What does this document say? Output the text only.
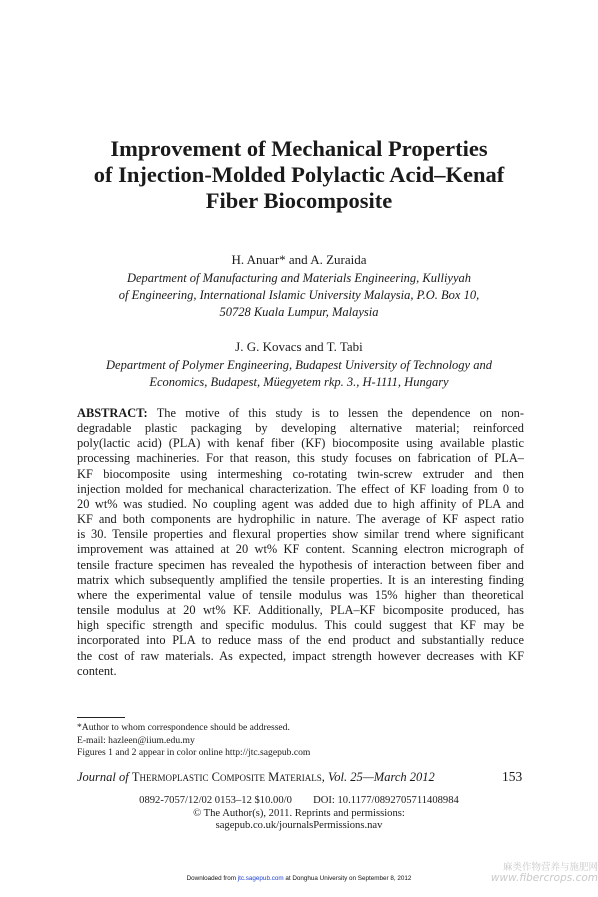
Improvement of Mechanical Properties
of Injection-Molded Polylactic Acid–Kenaf
Fiber Biocomposite
H. Anuar* and A. Zuraida
Department of Manufacturing and Materials Engineering, Kulliyyah
of Engineering, International Islamic University Malaysia, P.O. Box 10,
50728 Kuala Lumpur, Malaysia
J. G. Kovacs and T. Tabi
Department of Polymer Engineering, Budapest University of Technology and
Economics, Budapest, Müegyetem rkp. 3., H-1111, Hungary
ABSTRACT: The motive of this study is to lessen the dependence on non-
degradable plastic packaging by developing alternative material; reinforced
poly(lactic acid) (PLA) with kenaf fiber (KF) biocomposite using available plastic
processing machineries. For that reason, this study focuses on fabrication of PLA–
KF biocomposite using intermeshing co-rotating twin-screw extruder and then
injection molded for mechanical characterization. The effect of KF loading from 0 to
20 wt% was studied. No coupling agent was added due to high affinity of PLA and
KF and both components are hydrophilic in nature. The average of KF aspect ratio
is 30. Tensile properties and flexural properties show similar trend where significant
improvement was attained at 20 wt% KF content. Scanning electron micrograph of
tensile fracture specimen has revealed the hypothesis of interaction between fiber and
matrix which subsequently amplified the tensile properties. It is an interesting finding
where the experimental value of tensile modulus was 15% higher than theoretical
tensile modulus at 20 wt% KF. Additionally, PLA–KF bicomposite produced, has
high specific strength and specific modulus. This could suggest that KF may be
incorporated into PLA to reduce mass of the end product and substantially reduce
the cost of raw materials. As expected, impact strength however decreases with KF
content.
*Author to whom correspondence should be addressed.
E-mail: hazleen@iium.edu.my
Figures 1 and 2 appear in color online http://jtc.sagepub.com
Journal of Thermoplastic Composite Materials, Vol. 25—March 2012	153
0892-7057/12/02 0153–12 $10.00/0        DOI: 10.1177/0892705711408984
© The Author(s), 2011. Reprints and permissions:
sagepub.co.uk/journalsPermissions.nav
Downloaded from jtc.sagepub.com at Donghua University on September 8, 2012
麻类作物营养与施肥网
www.fibercrops.com
